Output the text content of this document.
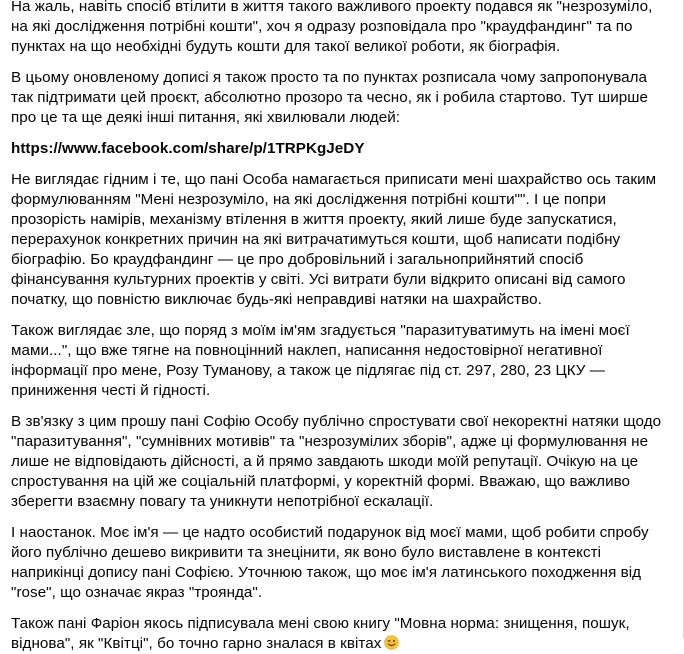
На жаль, навіть спосіб втілити в життя такого важливого проекту подався як "незрозуміло,
на які дослідження потрібні кошти", хоч я одразу розповідала про "краудфандинг" та по
пунктах на що необхідні будуть кошти для такої великої роботи, як біографія.

В цьому оновленому дописі я також просто та по пунктах розписала чому запропонувала
так підтримати цей проєкт, абсолютно прозоро та чесно, як і робила стартово. Тут ширше
про це та ще деякі інші питання, які хвилювали людей:

https://www.facebook.com/share/p/1TRPKgJeDY

Не виглядає гідним і те, що пані Особа намагається приписати мені шахрайство ось таким
формулюванням "Мені незрозуміло, на які дослідження потрібні кошти"". І це попри
прозорість намірів, механізму втілення в життя проекту, який лише буде запускатися,
перерахунок конкретних причин на які витрачатимуться кошти, щоб написати подібну
біографію. Бо краудфандинг — це про добровільний і загальноприйнятий спосіб
фінансування культурних проектів у світі. Усі витрати були відкрито описані від самого
початку, що повністю виключає будь-які неправдиві натяки на шахрайство.

Також виглядає зле, що поряд з моїм ім'ям згадується "паразитуватимуть на імені моєї
мами...", що вже тягне на повноцінний наклеп, написання недостовірної негативної
інформації про мене, Розу Туманову, а також це підлягає під ст. 297, 280, 23 ЦКУ —
приниження честі й гідності.

В зв'язку з цим прошу пані Софію Особу публічно спростувати свої некоректні натяки щодо
"паразитування", "сумнівних мотивів" та "незрозумілих зборів", адже ці формулювання не
лише не відповідають дійсності, а й прямо завдають шкоди моїй репутації. Очікую на це
спростування на цій же соціальній платформі, у коректній формі. Вважаю, що важливо
зберегти взаємну повагу та уникнути непотрібної ескалації.

І наостанок. Моє ім'я — це надто особистий подарунок від моєї мами, щоб робити спробу
його публічно дешево викривити та знецінити, як воно було виставлене в контексті
наприкінці допису пані Софією. Уточнюю також, що моє ім'я латинського походження від
"rose", що означає якраз "троянда".

Також пані Фаріон якось підписувала мені свою книгу "Мовна норма: знищення, пошук,
віднова", як "Квітці", бо точно гарно зналася в квітах
